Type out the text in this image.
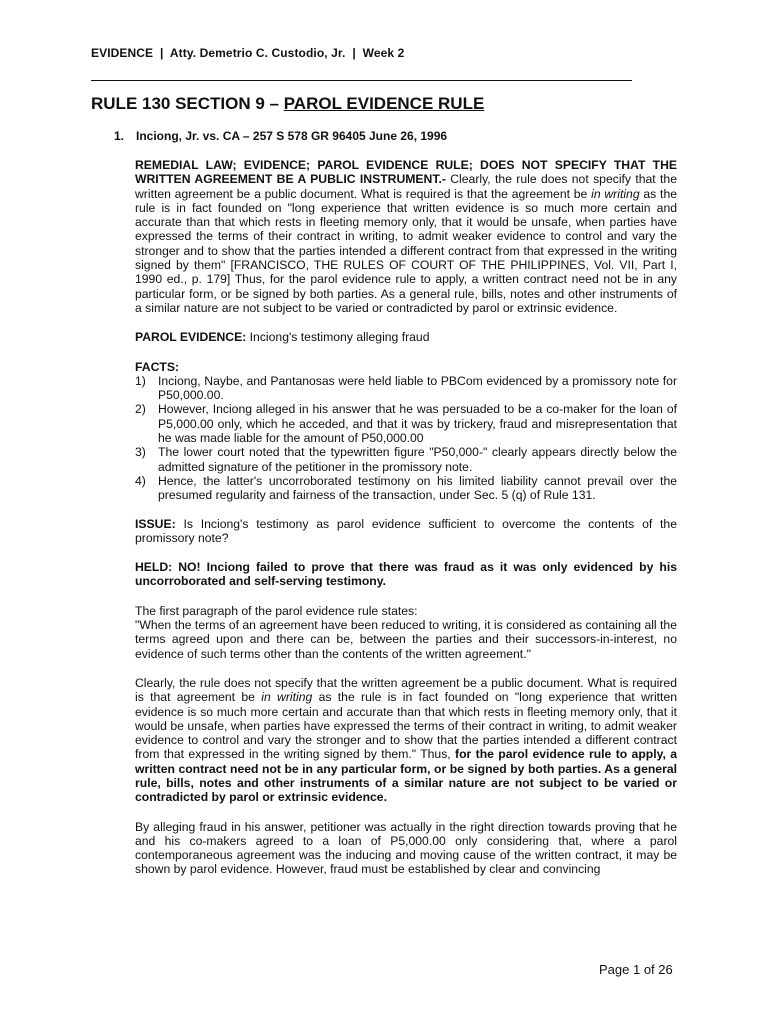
EVIDENCE  |  Atty. Demetrio C. Custodio, Jr.  |  Week 2
RULE 130 SECTION 9 – PAROL EVIDENCE RULE
1. Inciong, Jr. vs. CA – 257 S 578 GR 96405 June 26, 1996

REMEDIAL LAW; EVIDENCE; PAROL EVIDENCE RULE; DOES NOT SPECIFY THAT THE WRITTEN AGREEMENT BE A PUBLIC INSTRUMENT.- Clearly, the rule does not specify that the written agreement be a public document. What is required is that the agreement be in writing as the rule is in fact founded on "long experience that written evidence is so much more certain and accurate than that which rests in fleeting memory only, that it would be unsafe, when parties have expressed the terms of their contract in writing, to admit weaker evidence to control and vary the stronger and to show that the parties intended a different contract from that expressed in the writing signed by them" [FRANCISCO, THE RULES OF COURT OF THE PHILIPPINES, Vol. VII, Part I, 1990 ed., p. 179] Thus, for the parol evidence rule to apply, a written contract need not be in any particular form, or be signed by both parties. As a general rule, bills, notes and other instruments of a similar nature are not subject to be varied or contradicted by parol or extrinsic evidence.

PAROL EVIDENCE: Inciong's testimony alleging fraud

FACTS:
1) Inciong, Naybe, and Pantanosas were held liable to PBCom evidenced by a promissory note for P50,000.00.
2) However, Inciong alleged in his answer that he was persuaded to be a co-maker for the loan of P5,000.00 only, which he acceded, and that it was by trickery, fraud and misrepresentation that he was made liable for the amount of P50,000.00
3) The lower court noted that the typewritten figure "P50,000-" clearly appears directly below the admitted signature of the petitioner in the promissory note.
4) Hence, the latter's uncorroborated testimony on his limited liability cannot prevail over the presumed regularity and fairness of the transaction, under Sec. 5 (q) of Rule 131.

ISSUE: Is Inciong's testimony as parol evidence sufficient to overcome the contents of the promissory note?

HELD: NO! Inciong failed to prove that there was fraud as it was only evidenced by his uncorroborated and self-serving testimony.

The first paragraph of the parol evidence rule states:
"When the terms of an agreement have been reduced to writing, it is considered as containing all the terms agreed upon and there can be, between the parties and their successors-in-interest, no evidence of such terms other than the contents of the written agreement."

Clearly, the rule does not specify that the written agreement be a public document. What is required is that agreement be in writing as the rule is in fact founded on "long experience that written evidence is so much more certain and accurate than that which rests in fleeting memory only, that it would be unsafe, when parties have expressed the terms of their contract in writing, to admit weaker evidence to control and vary the stronger and to show that the parties intended a different contract from that expressed in the writing signed by them." Thus, for the parol evidence rule to apply, a written contract need not be in any particular form, or be signed by both parties. As a general rule, bills, notes and other instruments of a similar nature are not subject to be varied or contradicted by parol or extrinsic evidence.

By alleging fraud in his answer, petitioner was actually in the right direction towards proving that he and his co-makers agreed to a loan of P5,000.00 only considering that, where a parol contemporaneous agreement was the inducing and moving cause of the written contract, it may be shown by parol evidence. However, fraud must be established by clear and convincing

Page 1 of 26
